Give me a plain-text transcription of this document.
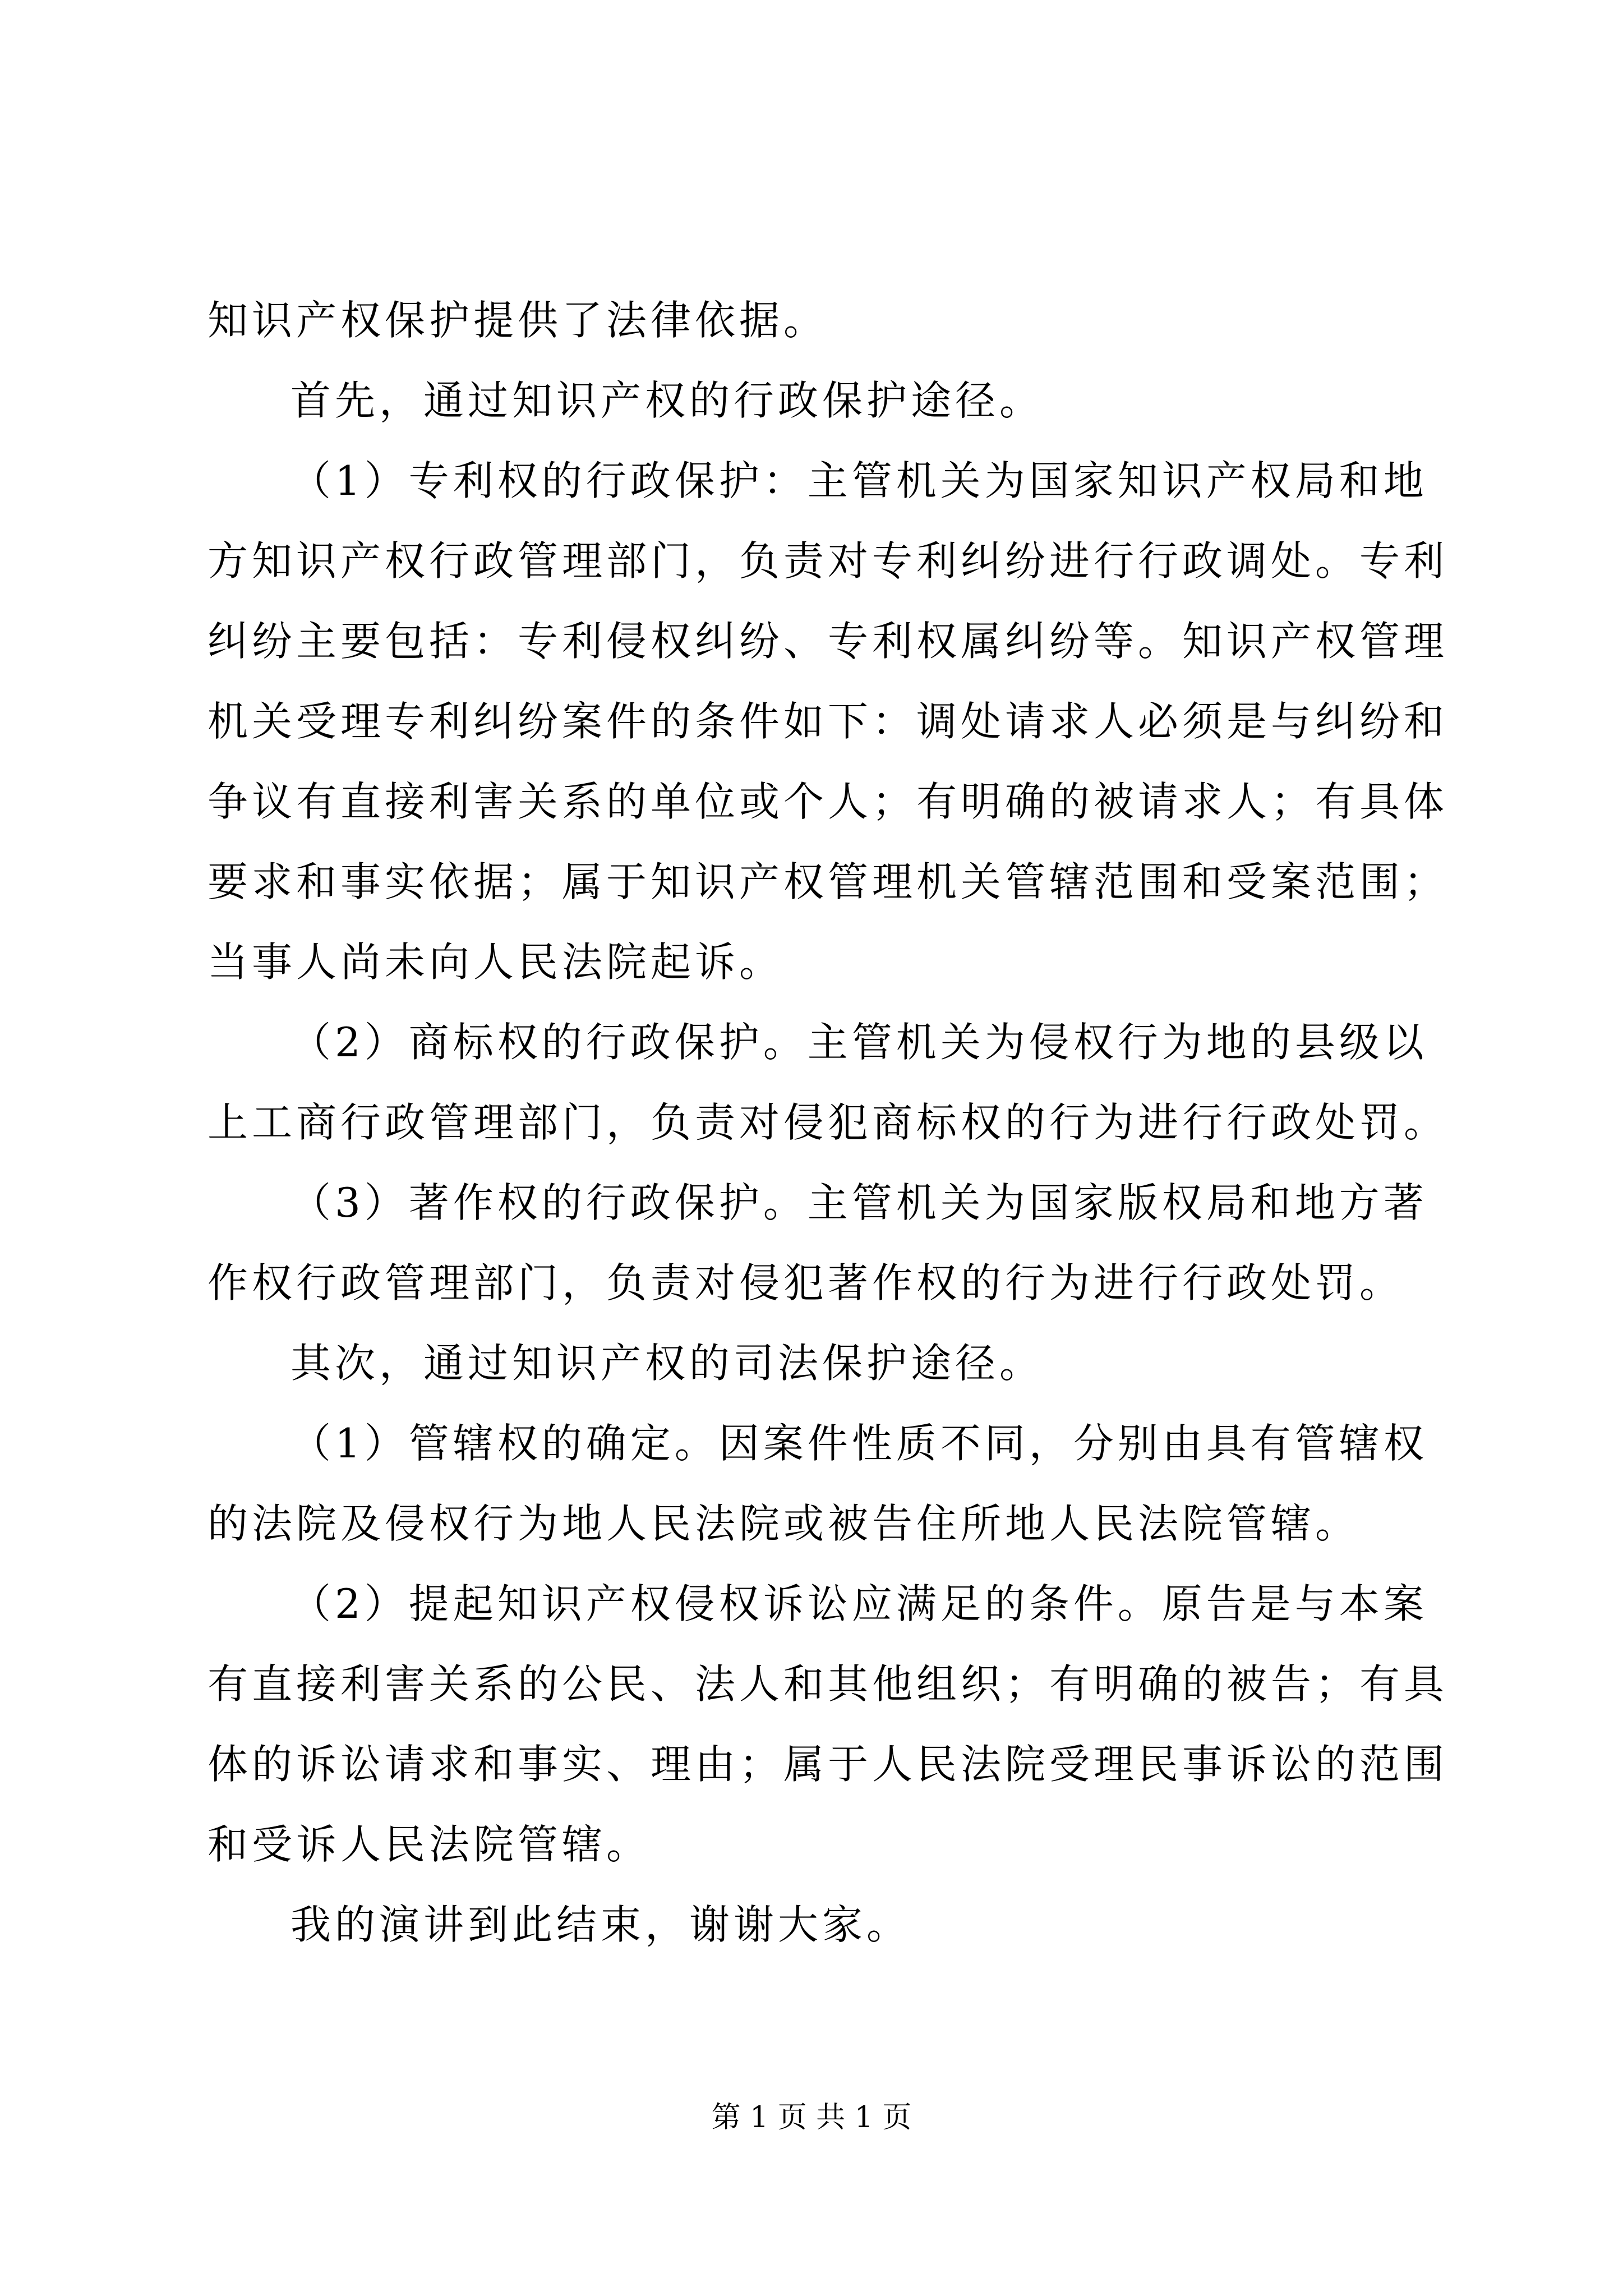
知识产权保护提供了法律依据。
首先，通过知识产权的行政保护途径。
（1）专利权的行政保护：主管机关为国家知识产权局和地
方知识产权行政管理部门，负责对专利纠纷进行行政调处。专利
纠纷主要包括：专利侵权纠纷、专利权属纠纷等。知识产权管理
机关受理专利纠纷案件的条件如下：调处请求人必须是与纠纷和
争议有直接利害关系的单位或个人；有明确的被请求人；有具体
要求和事实依据；属于知识产权管理机关管辖范围和受案范围；
当事人尚未向人民法院起诉。
（2）商标权的行政保护。主管机关为侵权行为地的县级以
上工商行政管理部门，负责对侵犯商标权的行为进行行政处罚。
（3）著作权的行政保护。主管机关为国家版权局和地方著
作权行政管理部门，负责对侵犯著作权的行为进行行政处罚。
其次，通过知识产权的司法保护途径。
（1）管辖权的确定。因案件性质不同，分别由具有管辖权
的法院及侵权行为地人民法院或被告住所地人民法院管辖。
（2）提起知识产权侵权诉讼应满足的条件。原告是与本案
有直接利害关系的公民、法人和其他组织；有明确的被告；有具
体的诉讼请求和事实、理由；属于人民法院受理民事诉讼的范围
和受诉人民法院管辖。
我的演讲到此结束，谢谢大家。
第 1 页 共 1 页
